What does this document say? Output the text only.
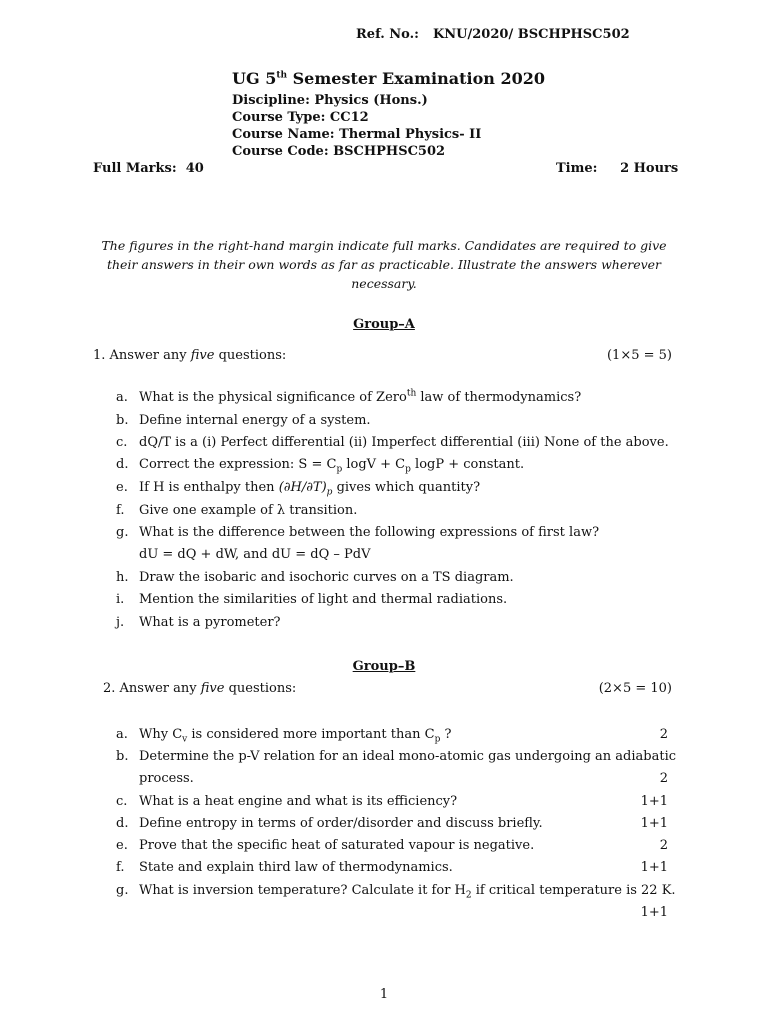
Ref. No.: KNU/2020/ BSCHPHSC502
UG 5th Semester Examination 2020
Discipline: Physics (Hons.)
Course Type: CC12
Course Name: Thermal Physics- II
Course Code: BSCHPHSC502
Full Marks: 40	Time: 2 Hours
The figures in the right-hand margin indicate full marks. Candidates are required to give their answers in their own words as far as practicable. Illustrate the answers wherever necessary.
Group–A
1. Answer any five questions:	(1×5 = 5)
a. What is the physical significance of Zero$^{th}$ law of thermodynamics?
b. Define internal energy of a system.
c. dQ/T is a (i) Perfect differential (ii) Imperfect differential (iii) None of the above.
d. Correct the expression: $S = C_p$ $\log V + C_p$ logP + constant.
e. If H is enthalpy then $(\partial H/\partial T)_p$ gives which quantity?
f.	Give one example of λ transition.
g. What is the difference between the following expressions of first law?
dU = dQ + dW, and dU = dQ – PdV
h. Draw the isobaric and isochoric curves on a TS diagram.
i.	Mention the similarities of light and thermal radiations.
j.	What is a pyrometer?
Group–B
2. Answer any five questions:	(2×5 = 10)
a. Why $C_v$ is considered more important than $C_p$ ?	2
b. Determine the p-V relation for an ideal mono-atomic gas undergoing an adiabatic
process.	2
c. What is a heat engine and what is its efficiency?	1+1
d. Define entropy in terms of order/disorder and discuss briefly.	1+1
e. Prove that the specific heat of saturated vapour is negative.	2
f.	State and explain third law of thermodynamics.	1+1
g. What is inversion temperature? Calculate it for $H_2$ if critical temperature is 22 K.
1+1
1
